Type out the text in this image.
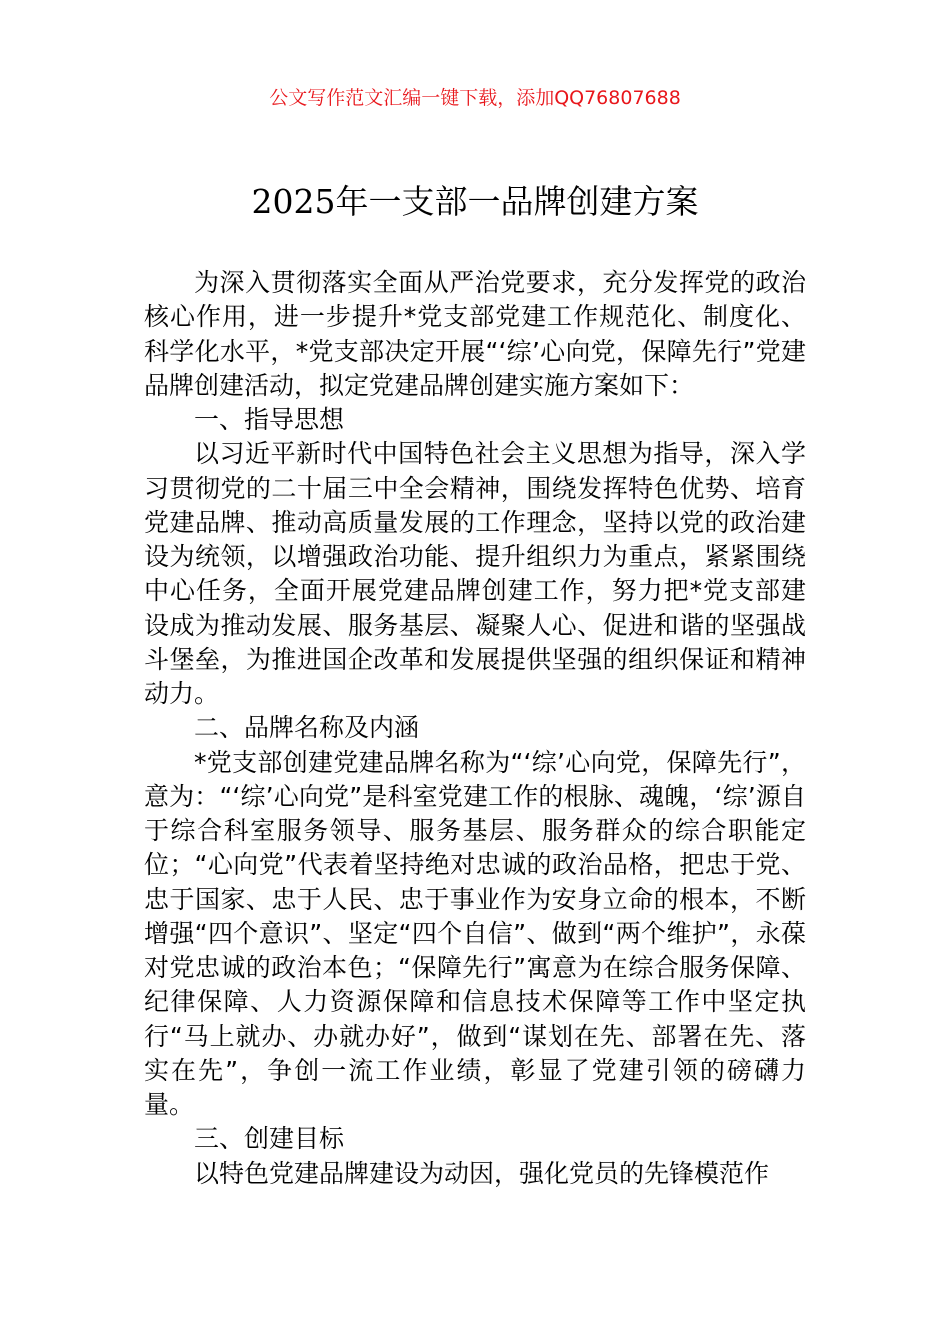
公文写作范文汇编一键下载，添加QQ76807688
2025年一支部一品牌创建方案

为深入贯彻落实全面从严治党要求，充分发挥党的政治核心作用，进一步提升*党支部党建工作规范化、制度化、科学化水平，*党支部决定开展“‘综’心向党，保障先行”党建品牌创建活动，拟定党建品牌创建实施方案如下：

一、指导思想

以习近平新时代中国特色社会主义思想为指导，深入学习贯彻党的二十届三中全会精神，围绕发挥特色优势、培育党建品牌、推动高质量发展的工作理念，坚持以党的政治建设为统领，以增强政治功能、提升组织力为重点，紧紧围绕中心任务，全面开展党建品牌创建工作，努力把*党支部建设成为推动发展、服务基层、凝聚人心、促进和谐的坚强战斗堡垒，为推进国企改革和发展提供坚强的组织保证和精神动力。

二、品牌名称及内涵

*党支部创建党建品牌名称为“‘综’心向党，保障先行”，意为：“‘综’心向党”是科室党建工作的根脉、魂魄，‘综’源自于综合科室服务领导、服务基层、服务群众的综合职能定位；“心向党”代表着坚持绝对忠诚的政治品格，把忠于党、忠于国家、忠于人民、忠于事业作为安身立命的根本，不断增强“四个意识”、坚定“四个自信”、做到“两个维护”，永葆对党忠诚的政治本色；“保障先行”寓意为在综合服务保障、纪律保障、人力资源保障和信息技术保障等工作中坚定执行“马上就办、办就办好”，做到“谋划在先、部署在先、落实在先”，争创一流工作业绩，彰显了党建引领的磅礴力量。

三、创建目标

以特色党建品牌建设为动因，强化党员的先锋模范作
